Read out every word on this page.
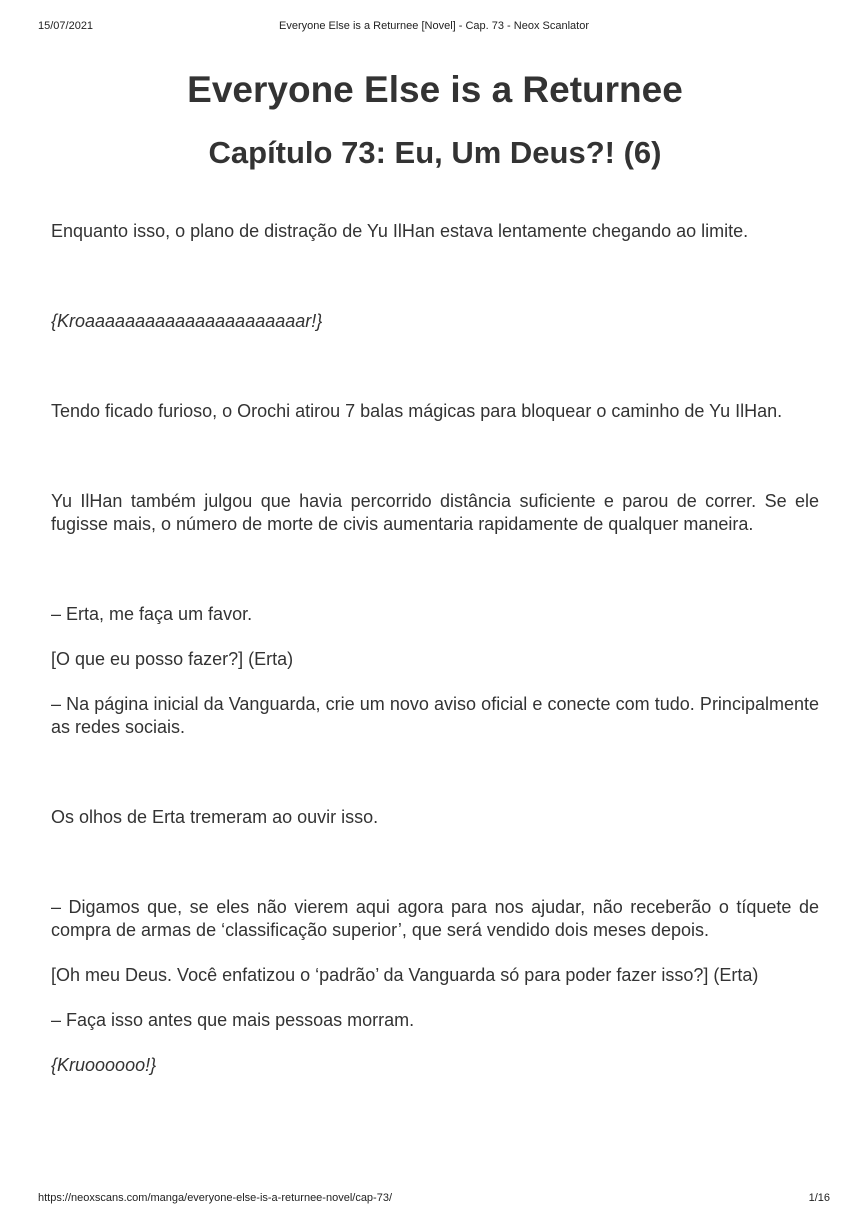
15/07/2021	Everyone Else is a Returnee [Novel] - Cap. 73 - Neox Scanlator
Everyone Else is a Returnee
Capítulo 73: Eu, Um Deus?! (6)

Enquanto isso, o plano de distração de Yu IlHan estava lentamente chegando ao limite.

{Kroaaaaaaaaaaaaaaaaaaaaaar!}

Tendo ficado furioso, o Orochi atirou 7 balas mágicas para bloquear o caminho de Yu IlHan.

Yu IlHan também julgou que havia percorrido distância suficiente e parou de correr. Se ele fugisse mais, o número de morte de civis aumentaria rapidamente de qualquer maneira.

– Erta, me faça um favor.

[O que eu posso fazer?] (Erta)

– Na página inicial da Vanguarda, crie um novo aviso oficial e conecte com tudo. Principalmente as redes sociais.

Os olhos de Erta tremeram ao ouvir isso.

– Digamos que, se eles não vierem aqui agora para nos ajudar, não receberão o tíquete de compra de armas de ‘classificação superior’, que será vendido dois meses depois.

[Oh meu Deus. Você enfatizou o ‘padrão’ da Vanguarda só para poder fazer isso?] (Erta)

– Faça isso antes que mais pessoas morram.

{Kruoooooo!}

https://neoxscans.com/manga/everyone-else-is-a-returnee-novel/cap-73/	1/16
